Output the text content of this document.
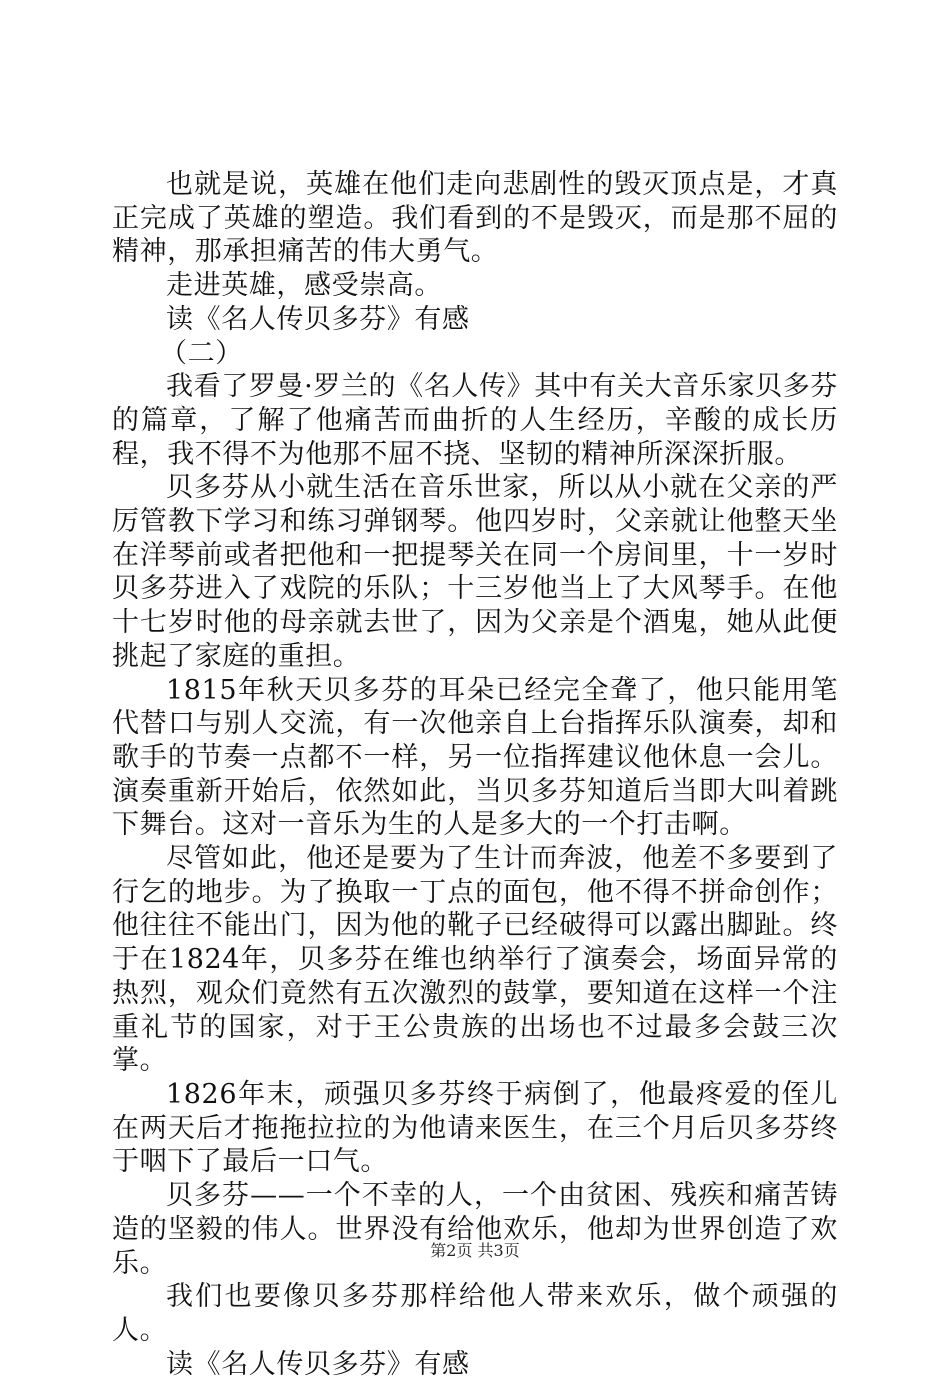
也就是说，英雄在他们走向悲剧性的毁灭顶点是，才真正完成了英雄的塑造。我们看到的不是毁灭，而是那不屈的精神，那承担痛苦的伟大勇气。

走进英雄，感受崇高。

读《名人传贝多芬》有感

（二）

我看了罗曼·罗兰的《名人传》其中有关大音乐家贝多芬的篇章，了解了他痛苦而曲折的人生经历，辛酸的成长历程，我不得不为他那不屈不挠、坚韧的精神所深深折服。

贝多芬从小就生活在音乐世家，所以从小就在父亲的严厉管教下学习和练习弹钢琴。他四岁时，父亲就让他整天坐在洋琴前或者把他和一把提琴关在同一个房间里，十一岁时贝多芬进入了戏院的乐队；十三岁他当上了大风琴手。在他十七岁时他的母亲就去世了，因为父亲是个酒鬼，她从此便挑起了家庭的重担。

1815年秋天贝多芬的耳朵已经完全聋了，他只能用笔代替口与别人交流，有一次他亲自上台指挥乐队演奏，却和歌手的节奏一点都不一样，另一位指挥建议他休息一会儿。演奏重新开始后，依然如此，当贝多芬知道后当即大叫着跳下舞台。这对一音乐为生的人是多大的一个打击啊。

尽管如此，他还是要为了生计而奔波，他差不多要到了行乞的地步。为了换取一丁点的面包，他不得不拼命创作；他往往不能出门，因为他的靴子已经破得可以露出脚趾。终于在1824年，贝多芬在维也纳举行了演奏会，场面异常的热烈，观众们竟然有五次激烈的鼓掌，要知道在这样一个注重礼节的国家，对于王公贵族的出场也不过最多会鼓三次掌。

1826年末，顽强贝多芬终于病倒了，他最疼爱的侄儿在两天后才拖拖拉拉的为他请来医生，在三个月后贝多芬终于咽下了最后一口气。

贝多芬——一个不幸的人，一个由贫困、残疾和痛苦铸造的坚毅的伟人。世界没有给他欢乐，他却为世界创造了欢乐。

我们也要像贝多芬那样给他人带来欢乐，做个顽强的人。

读《名人传贝多芬》有感

第2页 共3页
